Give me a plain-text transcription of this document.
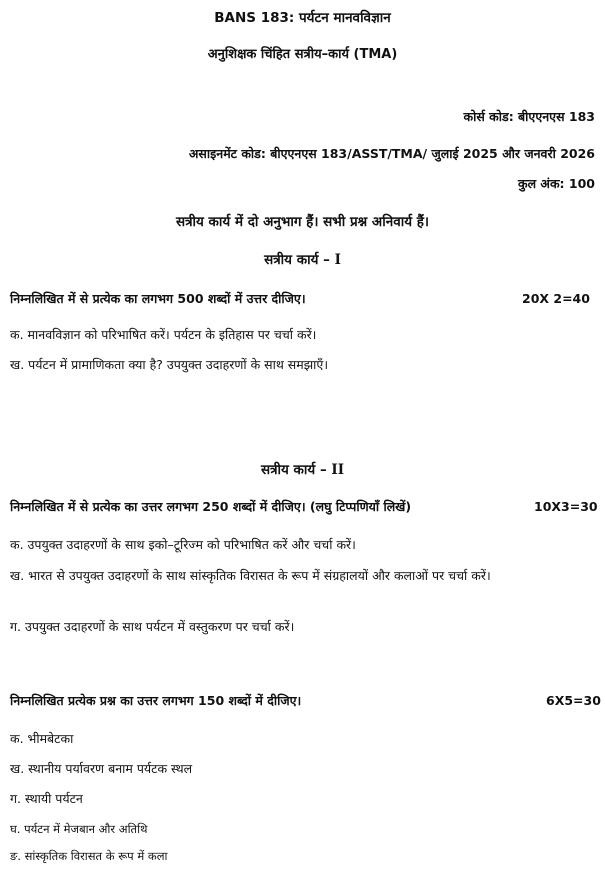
BANS 183: पर्यटन मानवविज्ञान
अनुशिक्षक चिंहित सत्रीय–कार्य (TMA)
कोर्स कोड: बीएएनएस 183
असाइनमेंट कोड: बीएएनएस 183/ASST/TMA/ जुलाई 2025 और जनवरी 2026
कुल अंक: 100
सत्रीय कार्य में दो अनुभाग हैं। सभी प्रश्न अनिवार्य हैं।
सत्रीय कार्य – I
निम्नलिखित में से प्रत्येक का लगभग 500 शब्दों में उत्तर दीजिए।	20X 2=40
क. मानवविज्ञान को परिभाषित करें। पर्यटन के इतिहास पर चर्चा करें।
ख. पर्यटन में प्रामाणिकता क्या है? उपयुक्त उदाहरणों के साथ समझाएँ।
सत्रीय कार्य – II
निम्नलिखित में से प्रत्येक का उत्तर लगभग 250 शब्दों में दीजिए। (लघु टिप्पणियाँ लिखें)	10X3=30
क. उपयुक्त उदाहरणों के साथ इको–टूरिज्म को परिभाषित करें और चर्चा करें।
ख. भारत से उपयुक्त उदाहरणों के साथ सांस्कृतिक विरासत के रूप में संग्रहालयों और कलाओं पर चर्चा करें।
ग. उपयुक्त उदाहरणों के साथ पर्यटन में वस्तुकरण पर चर्चा करें।
निम्नलिखित प्रत्येक प्रश्न का उत्तर लगभग 150 शब्दों में दीजिए।	6X5=30
क. भीमबेटका
ख. स्थानीय पर्यावरण बनाम पर्यटक स्थल
ग. स्थायी पर्यटन
घ. पर्यटन में मेजबान और अतिथि
ङ. सांस्कृतिक विरासत के रूप में कला
